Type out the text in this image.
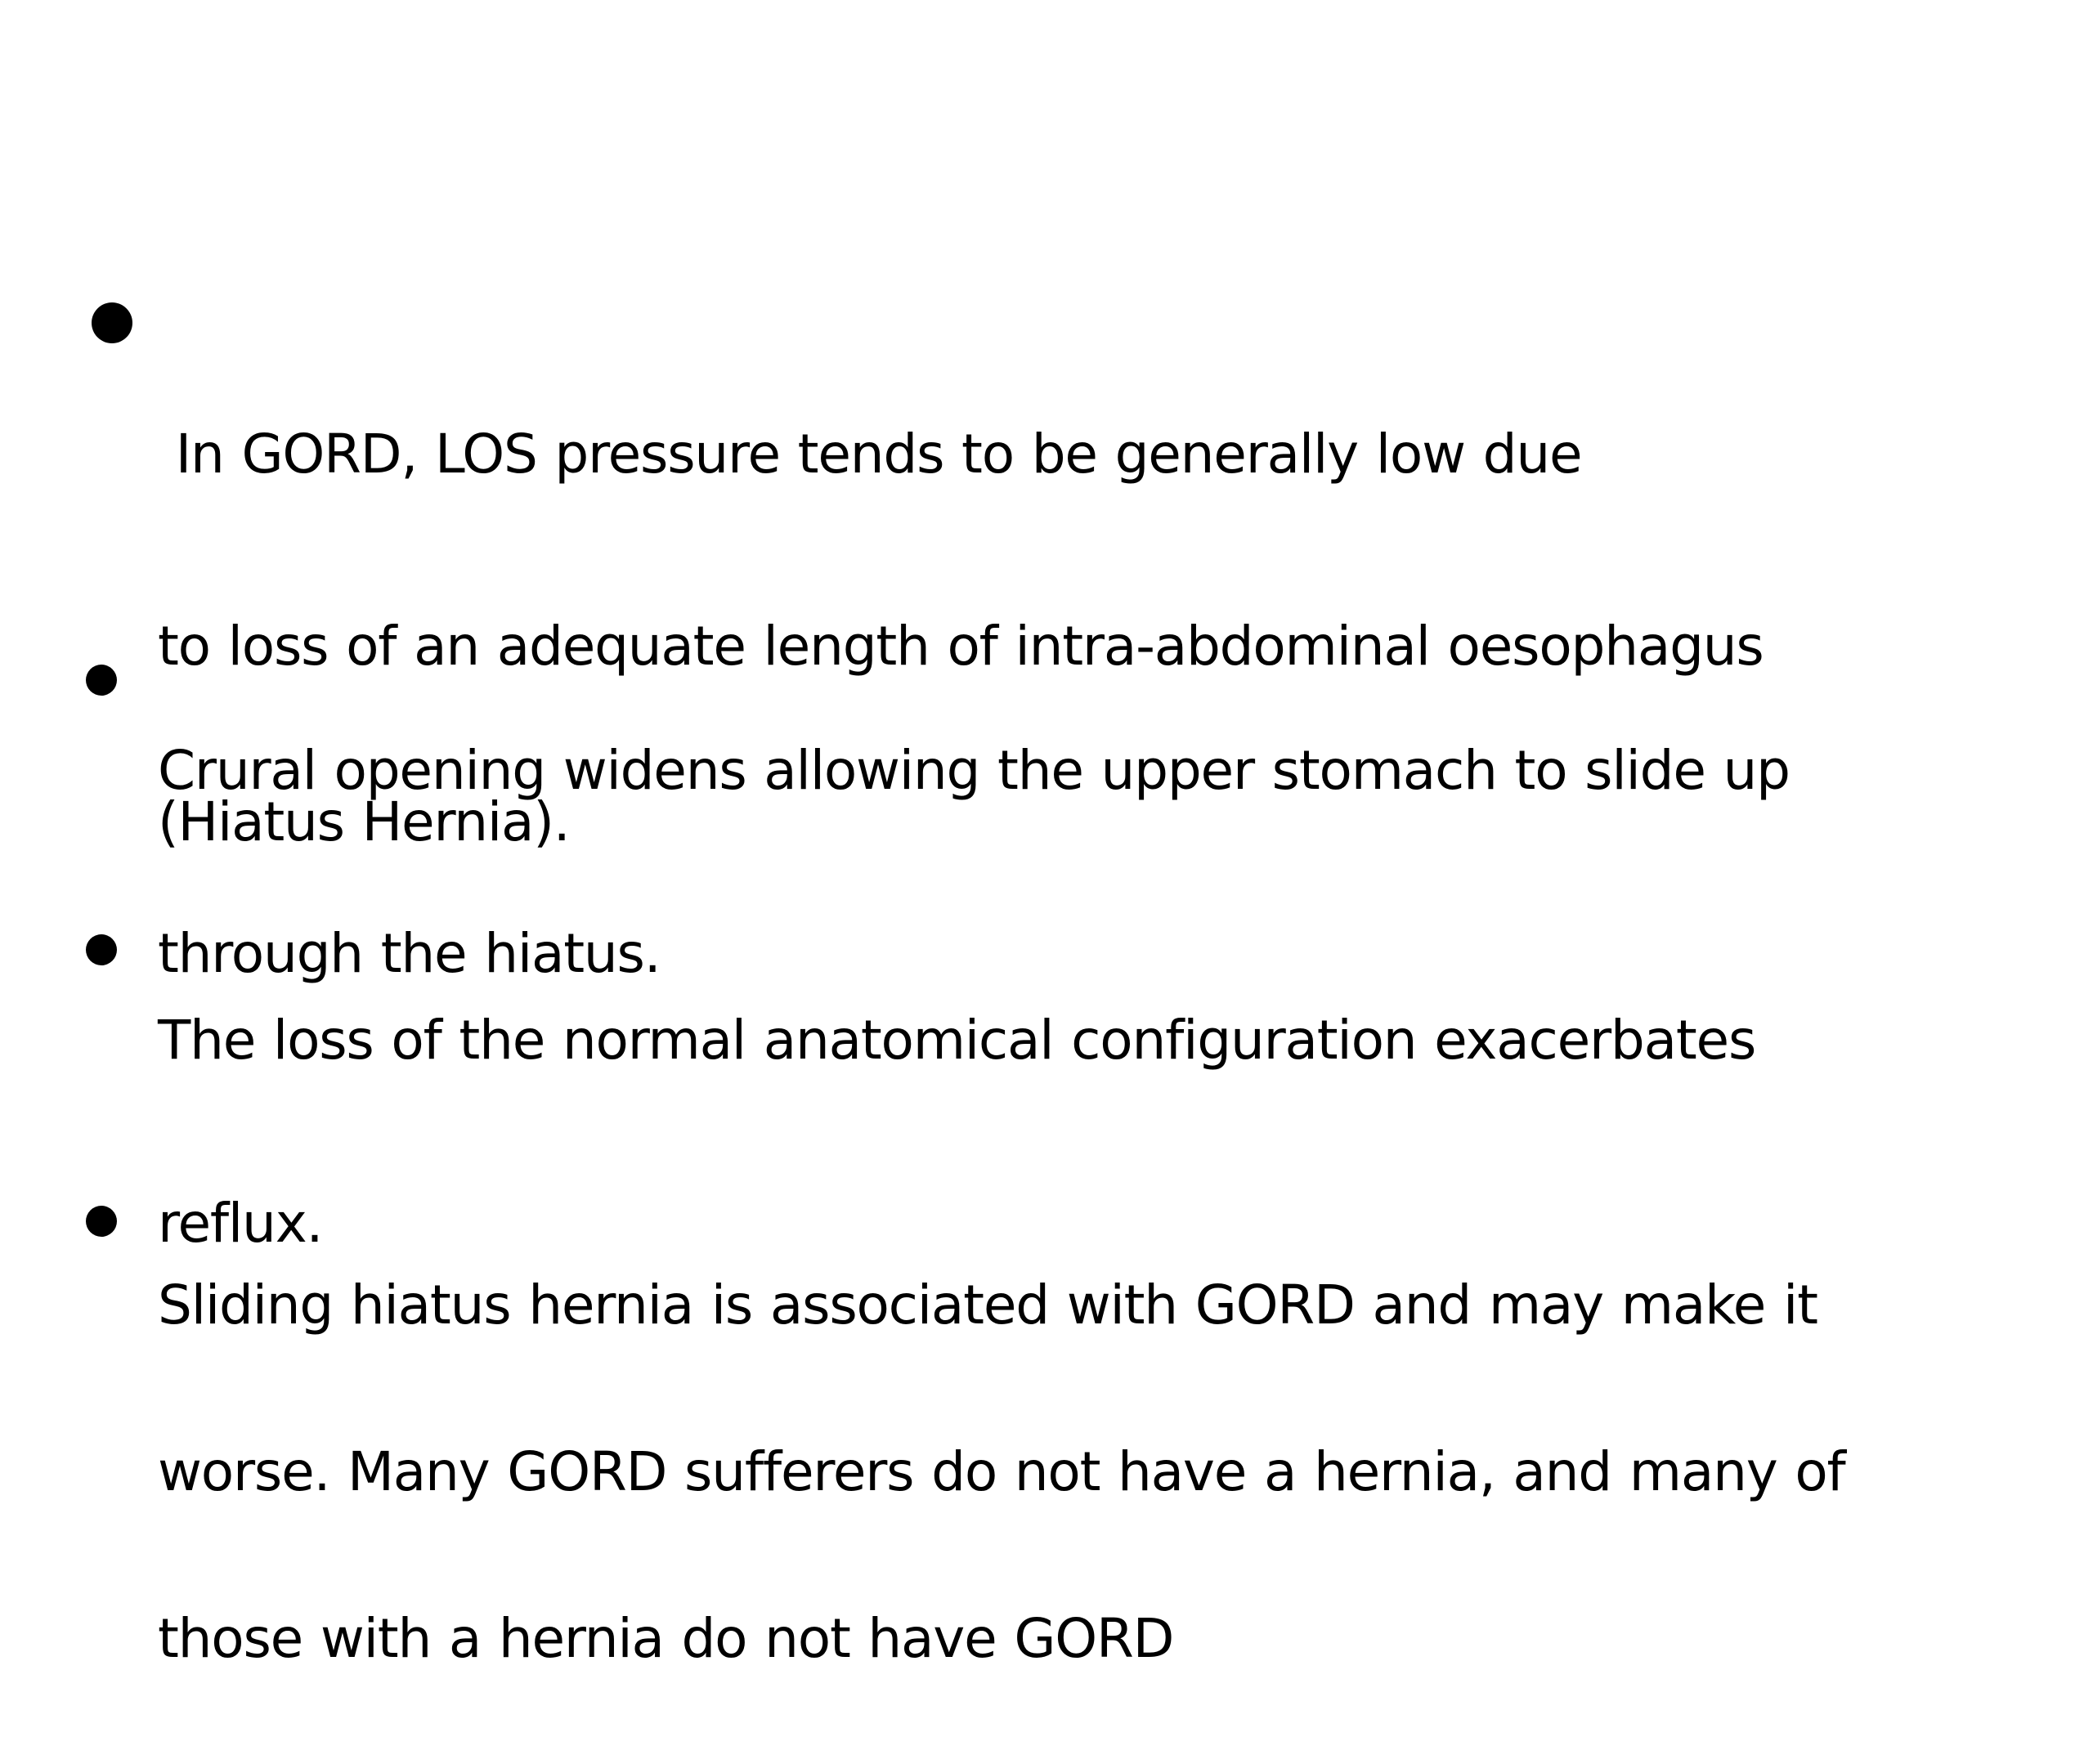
In GORD, LOS pressure tends to be generally low due

to loss of an adequate length of intra-abdominal oesophagus

(Hiatus Hernia).

Crural opening widens allowing the upper stomach to slide up

through the hiatus.

The loss of the normal anatomical configuration exacerbates

reflux.

Sliding hiatus hernia is associated with GORD and may make it

worse. Many GORD sufferers do not have a hernia, and many of

those with a hernia do not have GORD
